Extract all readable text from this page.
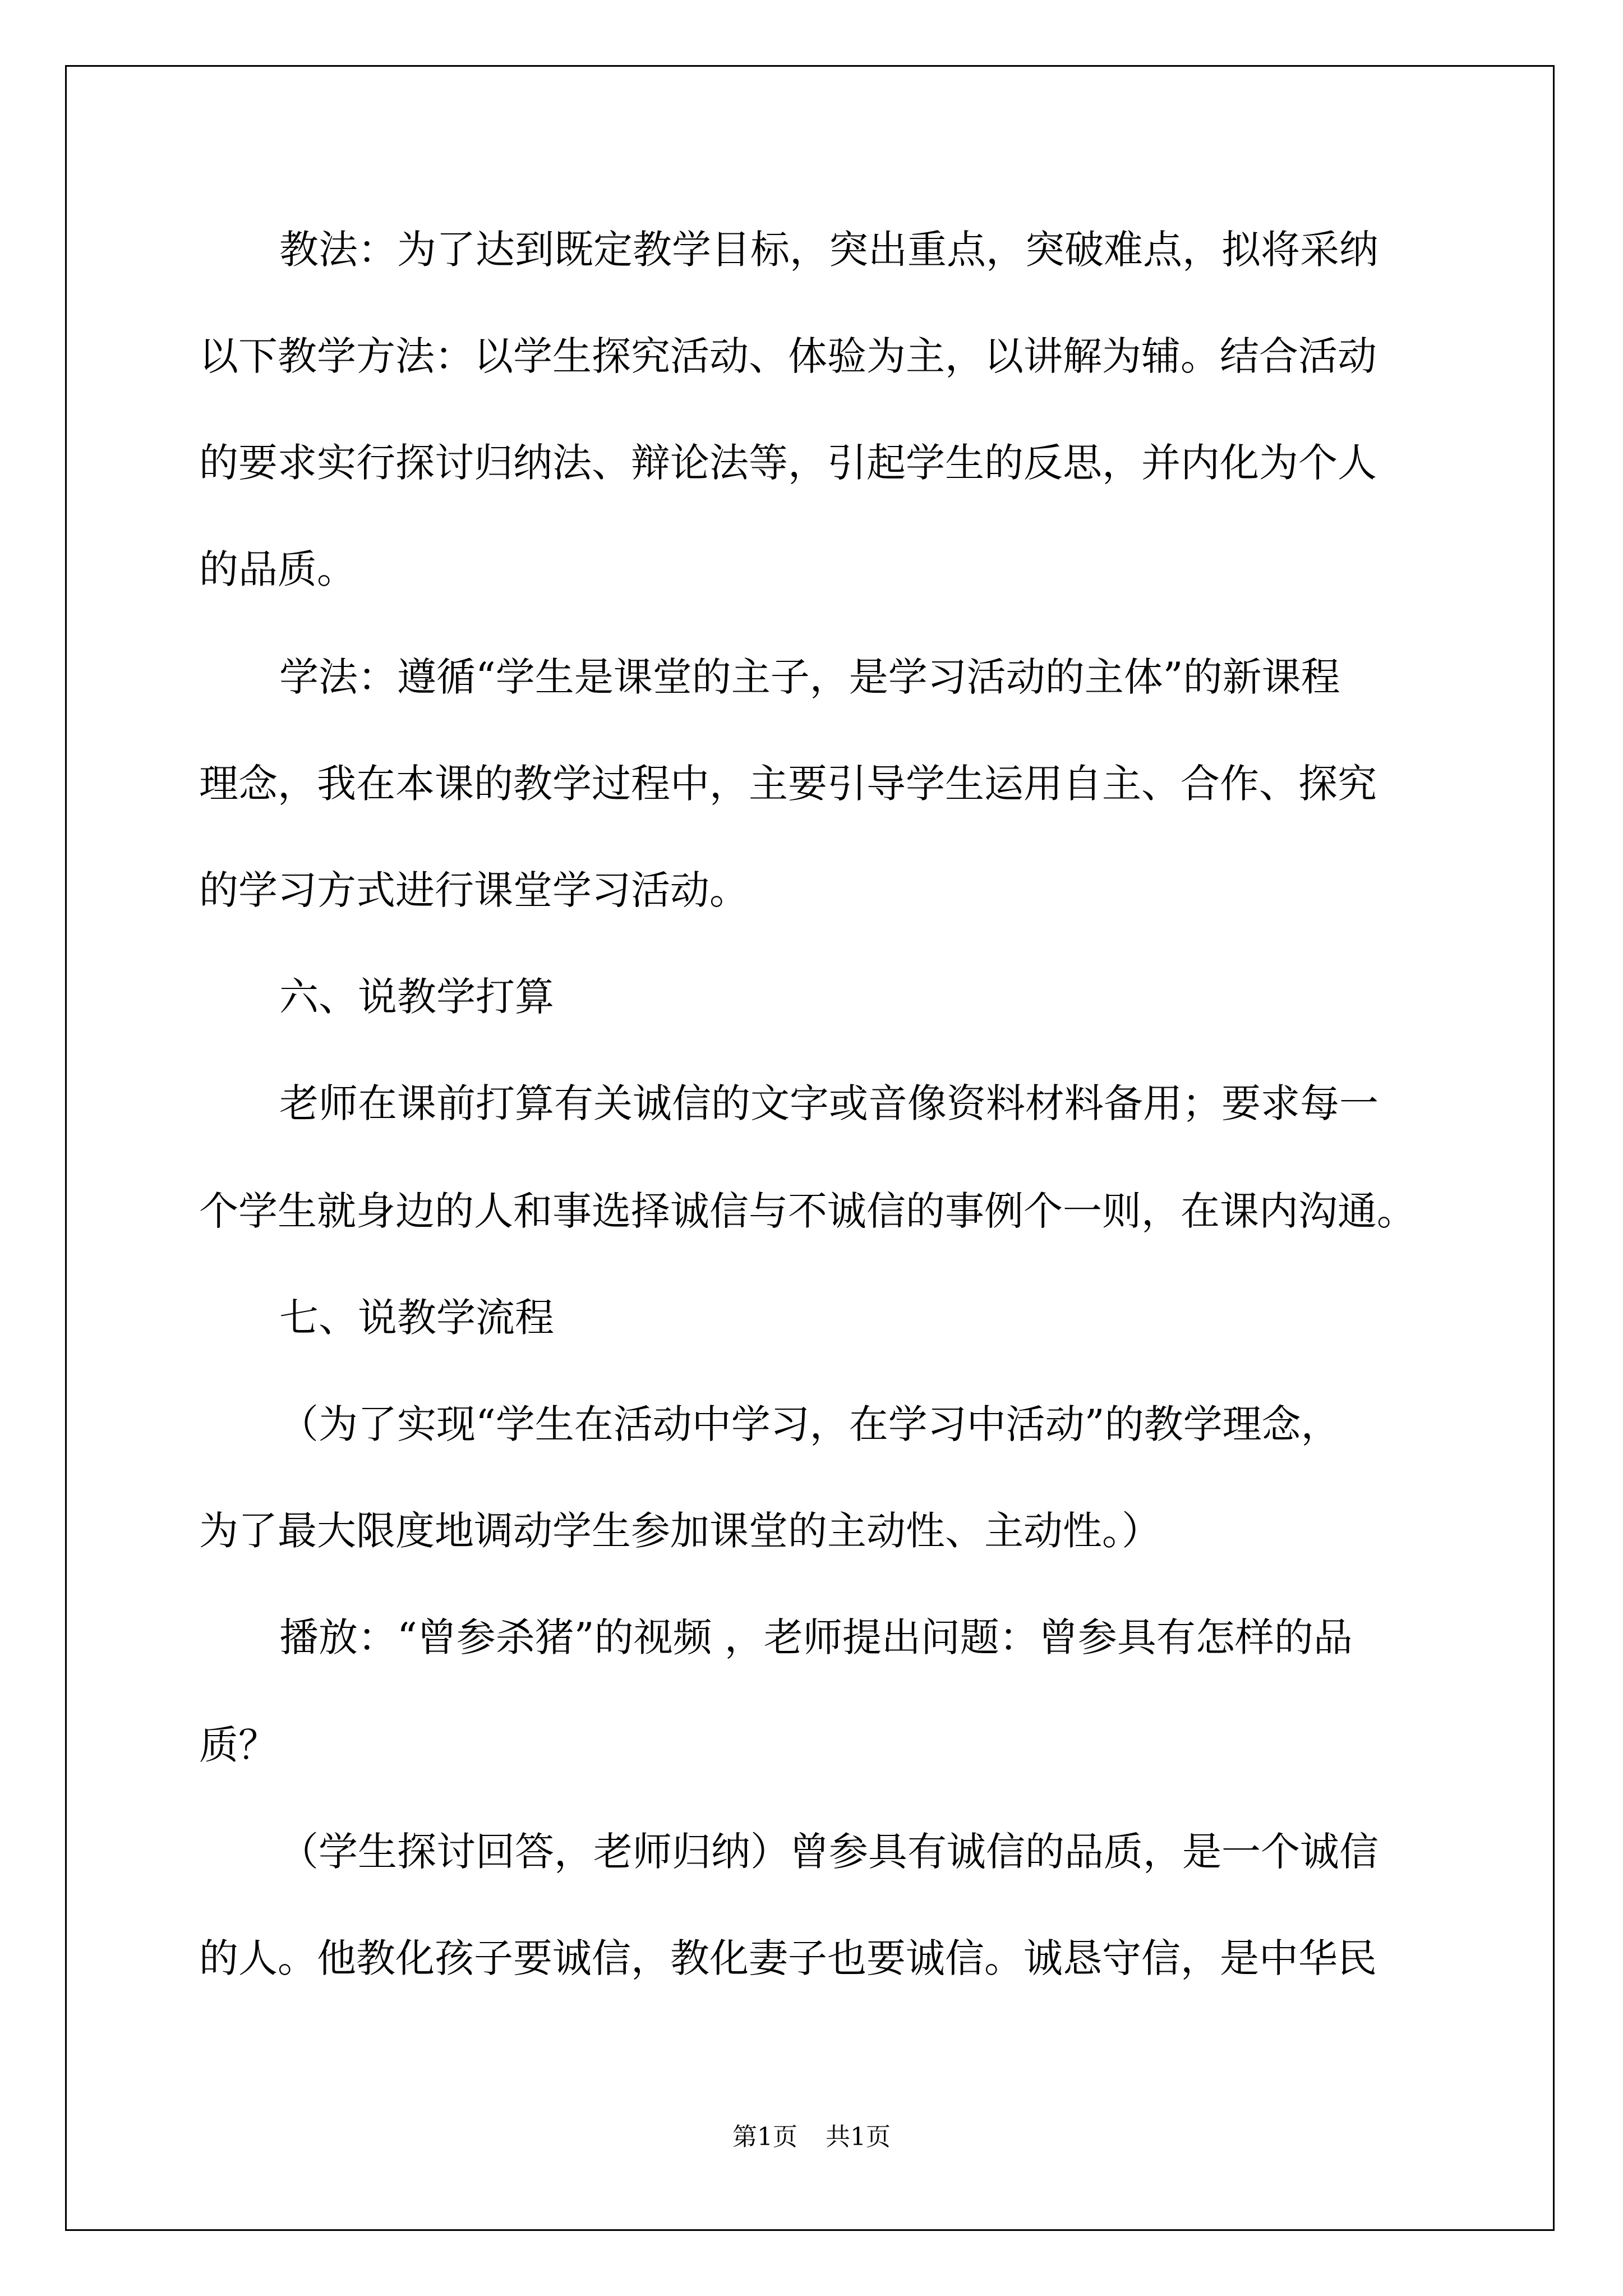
教法：为了达到既定教学目标，突出重点，突破难点，拟将采纳
以下教学方法：以学生探究活动、体验为主，以讲解为辅。结合活动
的要求实行探讨归纳法、辩论法等，引起学生的反思，并内化为个人
的品质。
学法：遵循“学生是课堂的主子，是学习活动的主体”的新课程
理念，我在本课的教学过程中，主要引导学生运用自主、合作、探究
的学习方式进行课堂学习活动。
六、说教学打算
老师在课前打算有关诚信的文字或音像资料材料备用；要求每一
个学生就身边的人和事选择诚信与不诚信的事例个一则，在课内沟通。
七、说教学流程
（为了实现“学生在活动中学习，在学习中活动”的教学理念，
为了最大限度地调动学生参加课堂的主动性、主动性。）
播放：“曾参杀猪”的视频 ，老师提出问题：曾参具有怎样的品
质？
（学生探讨回答，老师归纳）曾参具有诚信的品质，是一个诚信
的人。他教化孩子要诚信，教化妻子也要诚信。诚恳守信，是中华民
第1页 共1页
